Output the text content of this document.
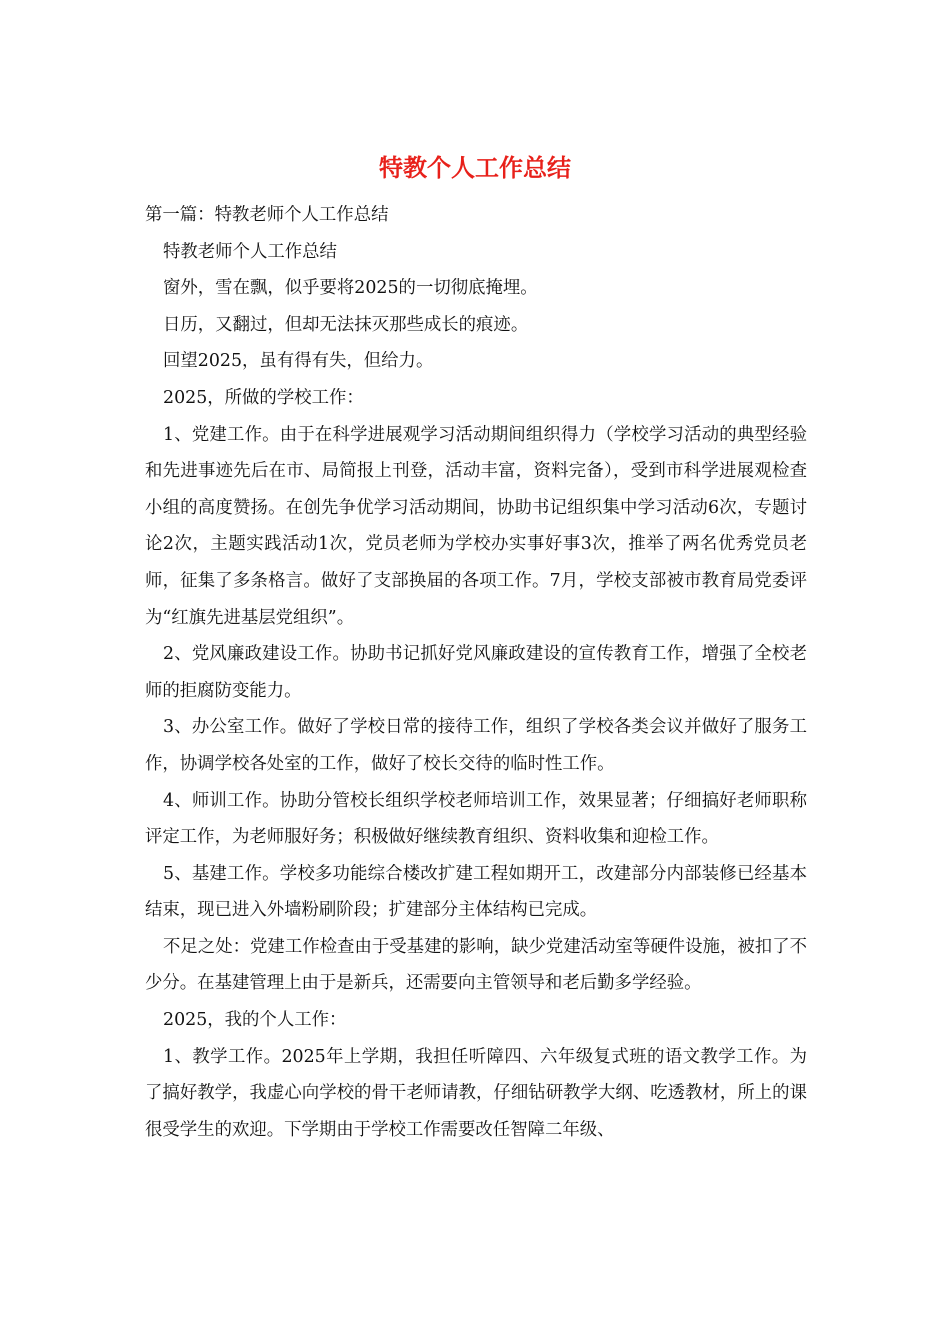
特教个人工作总结

第一篇：特教老师个人工作总结

特教老师个人工作总结

窗外，雪在飘，似乎要将2025的一切彻底掩埋。

日历，又翻过，但却无法抹灭那些成长的痕迹。

回望2025，虽有得有失，但给力。

2025，所做的学校工作：

1、党建工作。由于在科学进展观学习活动期间组织得力（学校学习活动的典型经验和先进事迹先后在市、局简报上刊登，活动丰富，资料完备），受到市科学进展观检查小组的高度赞扬。在创先争优学习活动期间，协助书记组织集中学习活动6次，专题讨论2次，主题实践活动1次，党员老师为学校办实事好事3次，推举了两名优秀党员老师，征集了多条格言。做好了支部换届的各项工作。7月，学校支部被市教育局党委评为“红旗先进基层党组织”。

2、党风廉政建设工作。协助书记抓好党风廉政建设的宣传教育工作，增强了全校老师的拒腐防变能力。

3、办公室工作。做好了学校日常的接待工作，组织了学校各类会议并做好了服务工作，协调学校各处室的工作，做好了校长交待的临时性工作。

4、师训工作。协助分管校长组织学校老师培训工作，效果显著；仔细搞好老师职称评定工作，为老师服好务；积极做好继续教育组织、资料收集和迎检工作。

5、基建工作。学校多功能综合楼改扩建工程如期开工，改建部分内部装修已经基本结束，现已进入外墙粉刷阶段；扩建部分主体结构已完成。

不足之处：党建工作检查由于受基建的影响，缺少党建活动室等硬件设施，被扣了不少分。在基建管理上由于是新兵，还需要向主管领导和老后勤多学经验。

2025，我的个人工作：

1、教学工作。2025年上学期，我担任听障四、六年级复式班的语文教学工作。为了搞好教学，我虚心向学校的骨干老师请教，仔细钻研教学大纲、吃透教材，所上的课很受学生的欢迎。下学期由于学校工作需要改任智障二年级、
